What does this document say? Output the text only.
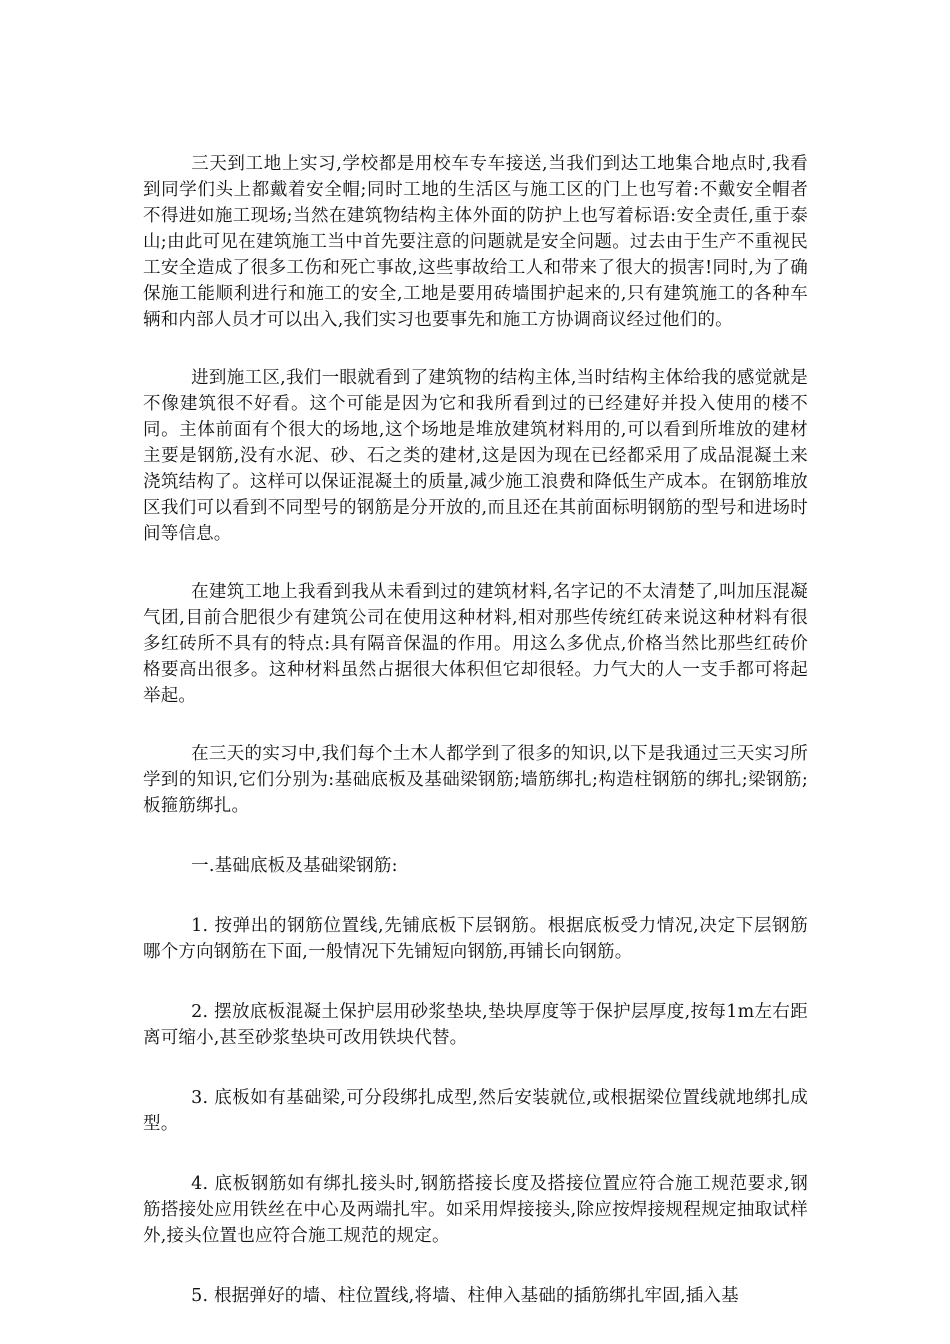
三天到工地上实习,学校都是用校车专车接送,当我们到达工地集合地点时,我看到同学们头上都戴着安全帽;同时工地的生活区与施工区的门上也写着:不戴安全帽者不得进如施工现场;当然在建筑物结构主体外面的防护上也写着标语:安全责任,重于泰山;由此可见在建筑施工当中首先要注意的问题就是安全问题。过去由于生产不重视民工安全造成了很多工伤和死亡事故,这些事故给工人和带来了很大的损害!同时,为了确保施工能顺利进行和施工的安全,工地是要用砖墙围护起来的,只有建筑施工的各种车辆和内部人员才可以出入,我们实习也要事先和施工方协调商议经过他们的。

进到施工区,我们一眼就看到了建筑物的结构主体,当时结构主体给我的感觉就是不像建筑很不好看。这个可能是因为它和我所看到过的已经建好并投入使用的楼不同。主体前面有个很大的场地,这个场地是堆放建筑材料用的,可以看到所堆放的建材主要是钢筋,没有水泥、砂、石之类的建材,这是因为现在已经都采用了成品混凝土来浇筑结构了。这样可以保证混凝土的质量,减少施工浪费和降低生产成本。在钢筋堆放区我们可以看到不同型号的钢筋是分开放的,而且还在其前面标明钢筋的型号和进场时间等信息。

在建筑工地上我看到我从未看到过的建筑材料,名字记的不太清楚了,叫加压混凝气团,目前合肥很少有建筑公司在使用这种材料,相对那些传统红砖来说这种材料有很多红砖所不具有的特点:具有隔音保温的作用。用这么多优点,价格当然比那些红砖价格要高出很多。这种材料虽然占据很大体积但它却很轻。力气大的人一支手都可将起举起。

在三天的实习中,我们每个土木人都学到了很多的知识,以下是我通过三天实习所学到的知识,它们分别为:基础底板及基础梁钢筋;墙筋绑扎;构造柱钢筋的绑扎;梁钢筋;板箍筋绑扎。

一.基础底板及基础梁钢筋:

1. 按弹出的钢筋位置线,先铺底板下层钢筋。根据底板受力情况,决定下层钢筋哪个方向钢筋在下面,一般情况下先铺短向钢筋,再铺长向钢筋。

2. 摆放底板混凝土保护层用砂浆垫块,垫块厚度等于保护层厚度,按每1m左右距离可缩小,甚至砂浆垫块可改用铁块代替。

3. 底板如有基础梁,可分段绑扎成型,然后安装就位,或根据梁位置线就地绑扎成型。

4. 底板钢筋如有绑扎接头时,钢筋搭接长度及搭接位置应符合施工规范要求,钢筋搭接处应用铁丝在中心及两端扎牢。如采用焊接接头,除应按焊接规程规定抽取试样外,接头位置也应符合施工规范的规定。

5. 根据弹好的墙、柱位置线,将墙、柱伸入基础的插筋绑扎牢固,插入基
